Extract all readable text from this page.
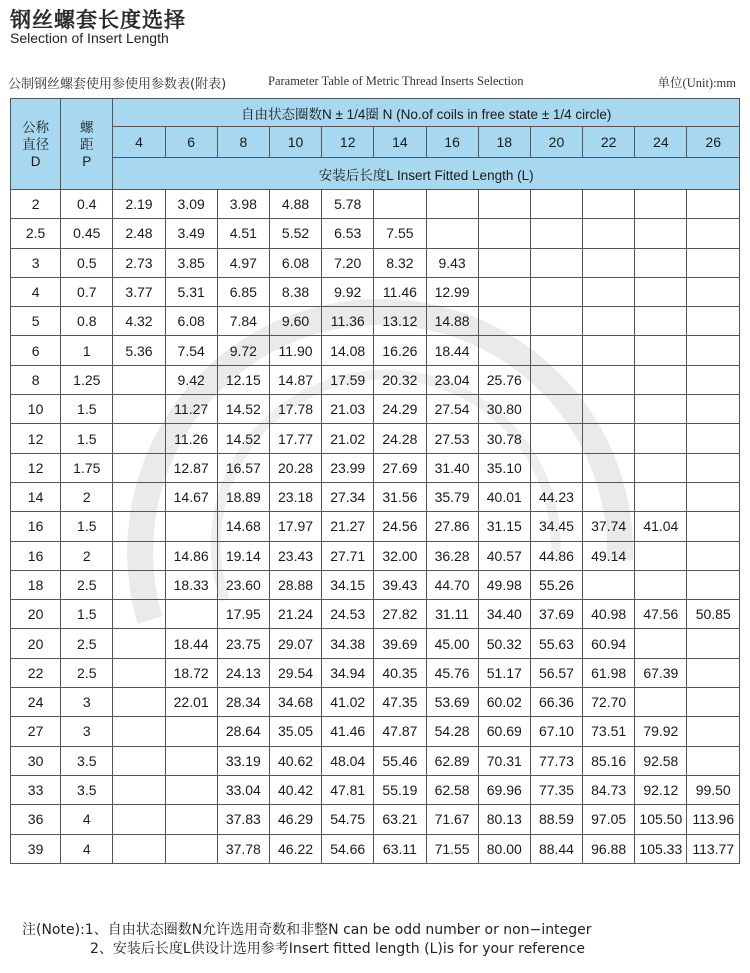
钢丝螺套长度选择
Selection of Insert Length
公制钢丝螺套使用参使用参数表(附表)	Parameter Table of Metric Thread Inserts Selection	单位(Unit):mm
公称
直径
D	螺
距
P	自由状态圈数N ± 1/4圈 N (No.of coils in free state ± 1/4 circle)											
		4	6	8	10	12	14	16	18	20	22	24	26
		安装后长度L Insert Fitted Length (L)											
2	0.4	2.19	3.09	3.98	4.88	5.78							
2.5	0.45	2.48	3.49	4.51	5.52	6.53	7.55						
3	0.5	2.73	3.85	4.97	6.08	7.20	8.32	9.43					
4	0.7	3.77	5.31	6.85	8.38	9.92	11.46	12.99					
5	0.8	4.32	6.08	7.84	9.60	11.36	13.12	14.88					
6	1	5.36	7.54	9.72	11.90	14.08	16.26	18.44					
8	1.25		9.42	12.15	14.87	17.59	20.32	23.04	25.76				
10	1.5		11.27	14.52	17.78	21.03	24.29	27.54	30.80				
12	1.5		11.26	14.52	17.77	21.02	24.28	27.53	30.78				
12	1.75		12.87	16.57	20.28	23.99	27.69	31.40	35.10				
14	2		14.67	18.89	23.18	27.34	31.56	35.79	40.01	44.23			
16	1.5			14.68	17.97	21.27	24.56	27.86	31.15	34.45	37.74	41.04	
16	2		14.86	19.14	23.43	27.71	32.00	36.28	40.57	44.86	49.14		
18	2.5		18.33	23.60	28.88	34.15	39.43	44.70	49.98	55.26			
20	1.5			17.95	21.24	24.53	27.82	31.11	34.40	37.69	40.98	47.56	50.85
20	2.5		18.44	23.75	29.07	34.38	39.69	45.00	50.32	55.63	60.94		
22	2.5		18.72	24.13	29.54	34.94	40.35	45.76	51.17	56.57	61.98	67.39	
24	3		22.01	28.34	34.68	41.02	47.35	53.69	60.02	66.36	72.70		
27	3			28.64	35.05	41.46	47.87	54.28	60.69	67.10	73.51	79.92	
30	3.5			33.19	40.62	48.04	55.46	62.89	70.31	77.73	85.16	92.58	
33	3.5			33.04	40.42	47.81	55.19	62.58	69.96	77.35	84.73	92.12	99.50
36	4			37.83	46.29	54.75	63.21	71.67	80.13	88.59	97.05	105.50	113.96
39	4			37.78	46.22	54.66	63.11	71.55	80.00	88.44	96.88	105.33	113.77
注(Note):1、自由状态圈数N允许选用奇数和非整N can be odd number or non−integer
2、安装后长度L供设计选用参考Insert fitted length (L)is for your reference
